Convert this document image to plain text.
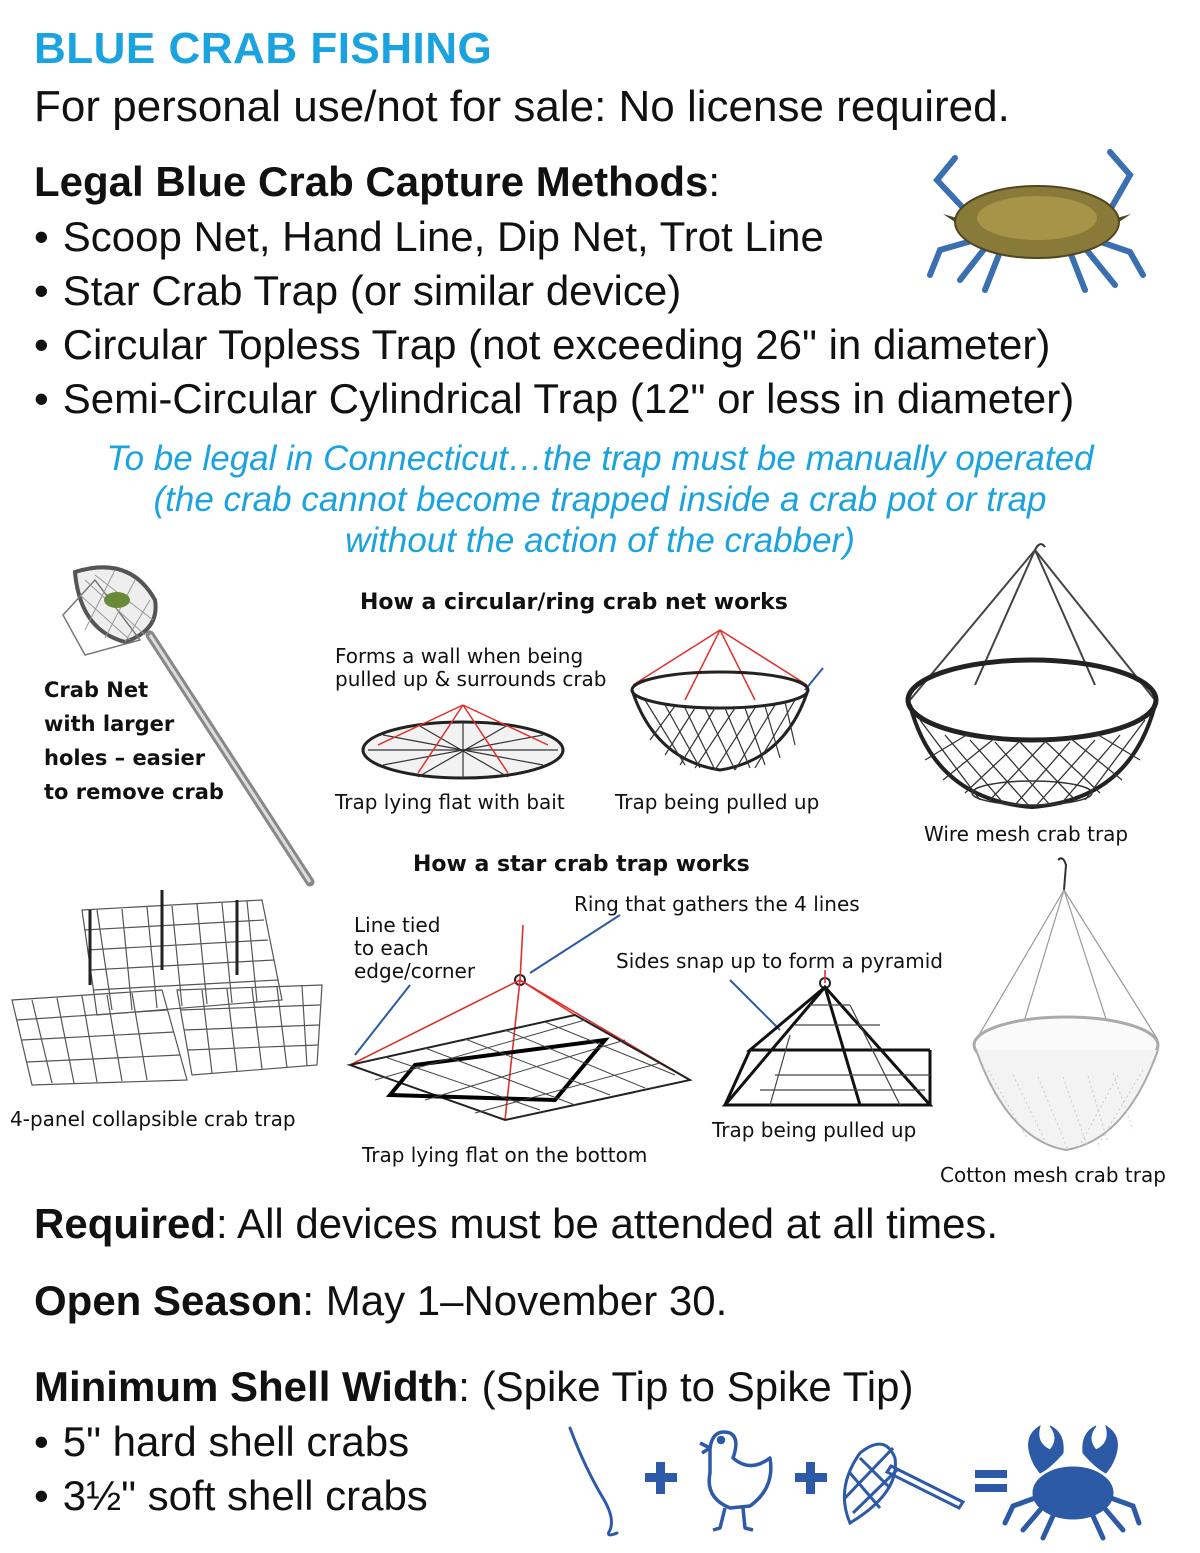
BLUE CRAB FISHING
For personal use/not for sale: No license required.
Legal Blue Crab Capture Methods:
• Scoop Net, Hand Line, Dip Net, Trot Line
• Star Crab Trap (or similar device)
• Circular Topless Trap (not exceeding 26" in diameter)
• Semi-Circular Cylindrical Trap (12" or less in diameter)
To be legal in Connecticut…the trap must be manually operated
(the crab cannot become trapped inside a crab pot or trap
without the action of the crabber)
Crab Net
with larger
holes – easier
to remove crab
How a circular/ring crab net works
Forms a wall when being
pulled up & surrounds crab
Trap lying flat with bait	Trap being pulled up
Wire mesh crab trap
How a star crab trap works
Ring that gathers the 4 lines
Line tied
to each
edge/corner	Sides snap up to form a pyramid
4-panel collapsible crab trap
Trap lying flat on the bottom
Trap being pulled up
Cotton mesh crab trap
Required: All devices must be attended at all times.
Open Season: May 1–November 30.
Minimum Shell Width: (Spike Tip to Spike Tip)
• 5" hard shell crabs
• 3½" soft shell crabs
